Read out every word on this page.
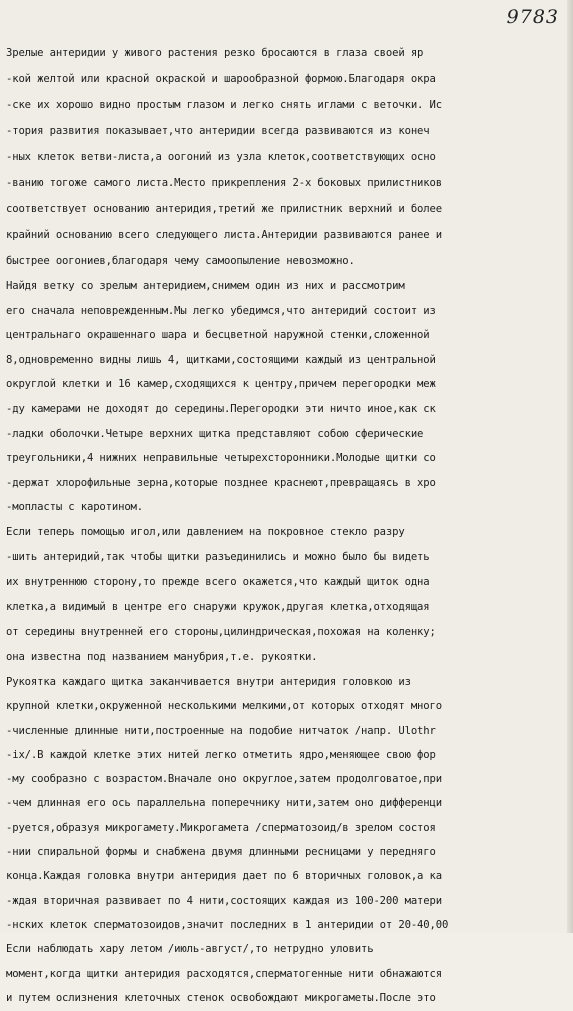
9783
Зрелые антеридии у живого растения резко бросаются в глаза своей яр
-кой желтой или красной окраской и шарообразной формою.Благодаря окра
-ске их хорошо видно простым глазом и легко снять иглами с веточки. Ис
-тория развития показывает,что антеридии всегда развиваются из конеч
-ных клеток ветви-листа,а оогоний из узла клеток,соответствующих осно
-ванию тогоже самого листа.Место прикрепления 2-х боковых прилистников
соответствует основанию антеридия,третий же прилистник верхний и более
крайний основанию всего следующего листа.Антеридии развиваются ранее и
быстрее оогониев,благодаря чему самоопыление невозможно.
Найдя ветку со зрелым антеридием,снимем один из них и рассмотрим
его сначала неповрежденным.Мы легко убедимся,что антеридий состоит из
центральнаго окрашеннаго шара и бесцветной наружной стенки,сложенной
8,одновременно видны лишь 4, щитками,состоящими каждый из центральной
округлой клетки и 16 камер,сходящихся к центру,причем перегородки меж
-ду камерами не доходят до середины.Перегородки эти ничто иное,как ск
-ладки оболочки.Четыре верхних щитка представляют собою сферические
треугольники,4 нижних неправильные четырехсторонники.Молодые щитки со
-держат хлорофильные зерна,которые позднее краснеют,превращаясь в хро
-мопласты с каротином.
Если теперь помощью игол,или давлением на покровное стекло разру
-шить антеридий,так чтобы щитки разъединились и можно было бы видеть
их внутреннюю сторону,то прежде всего окажется,что каждый щиток одна
клетка,а видимый в центре его снаружи кружок,другая клетка,отходящая
от середины внутренней его стороны,цилиндрическая,похожая на коленку;
она известна под названием манубрия,т.е. рукоятки.
Рукоятка каждаго щитка заканчивается внутри антеридия головкою из
крупной клетки,окруженной несколькими мелкими,от которых отходят много
-численные длинные нити,построенные на подобие нитчаток /напр. Ulothr
-ix/.В каждой клетке этих нитей легко отметить ядро,меняющее свою фор
-му сообразно с возрастом.Вначале оно округлое,затем продолговатое,при
-чем длинная его ось параллельна поперечнику нити,затем оно дифференци
-руется,образуя микрогамету.Микрогамета /сперматозоид/в зрелом состоя
-нии спиральной формы и снабжена двумя длинными ресницами у передняго
конца.Каждая головка внутри антеридия дает по 6 вторичных головок,а ка
-ждая вторичная развивает по 4 нити,состоящих каждая из 100-200 матери
-нских клеток сперматозоидов,значит последних в 1 антеридии от 20-40,00
Если наблюдать хару летом /июль-август/,то нетрудно уловить
момент,когда щитки антеридия расходятся,сперматогенные нити обнажаются
и путем ослизнения клеточных стенок освобождают микрогаметы.После это
